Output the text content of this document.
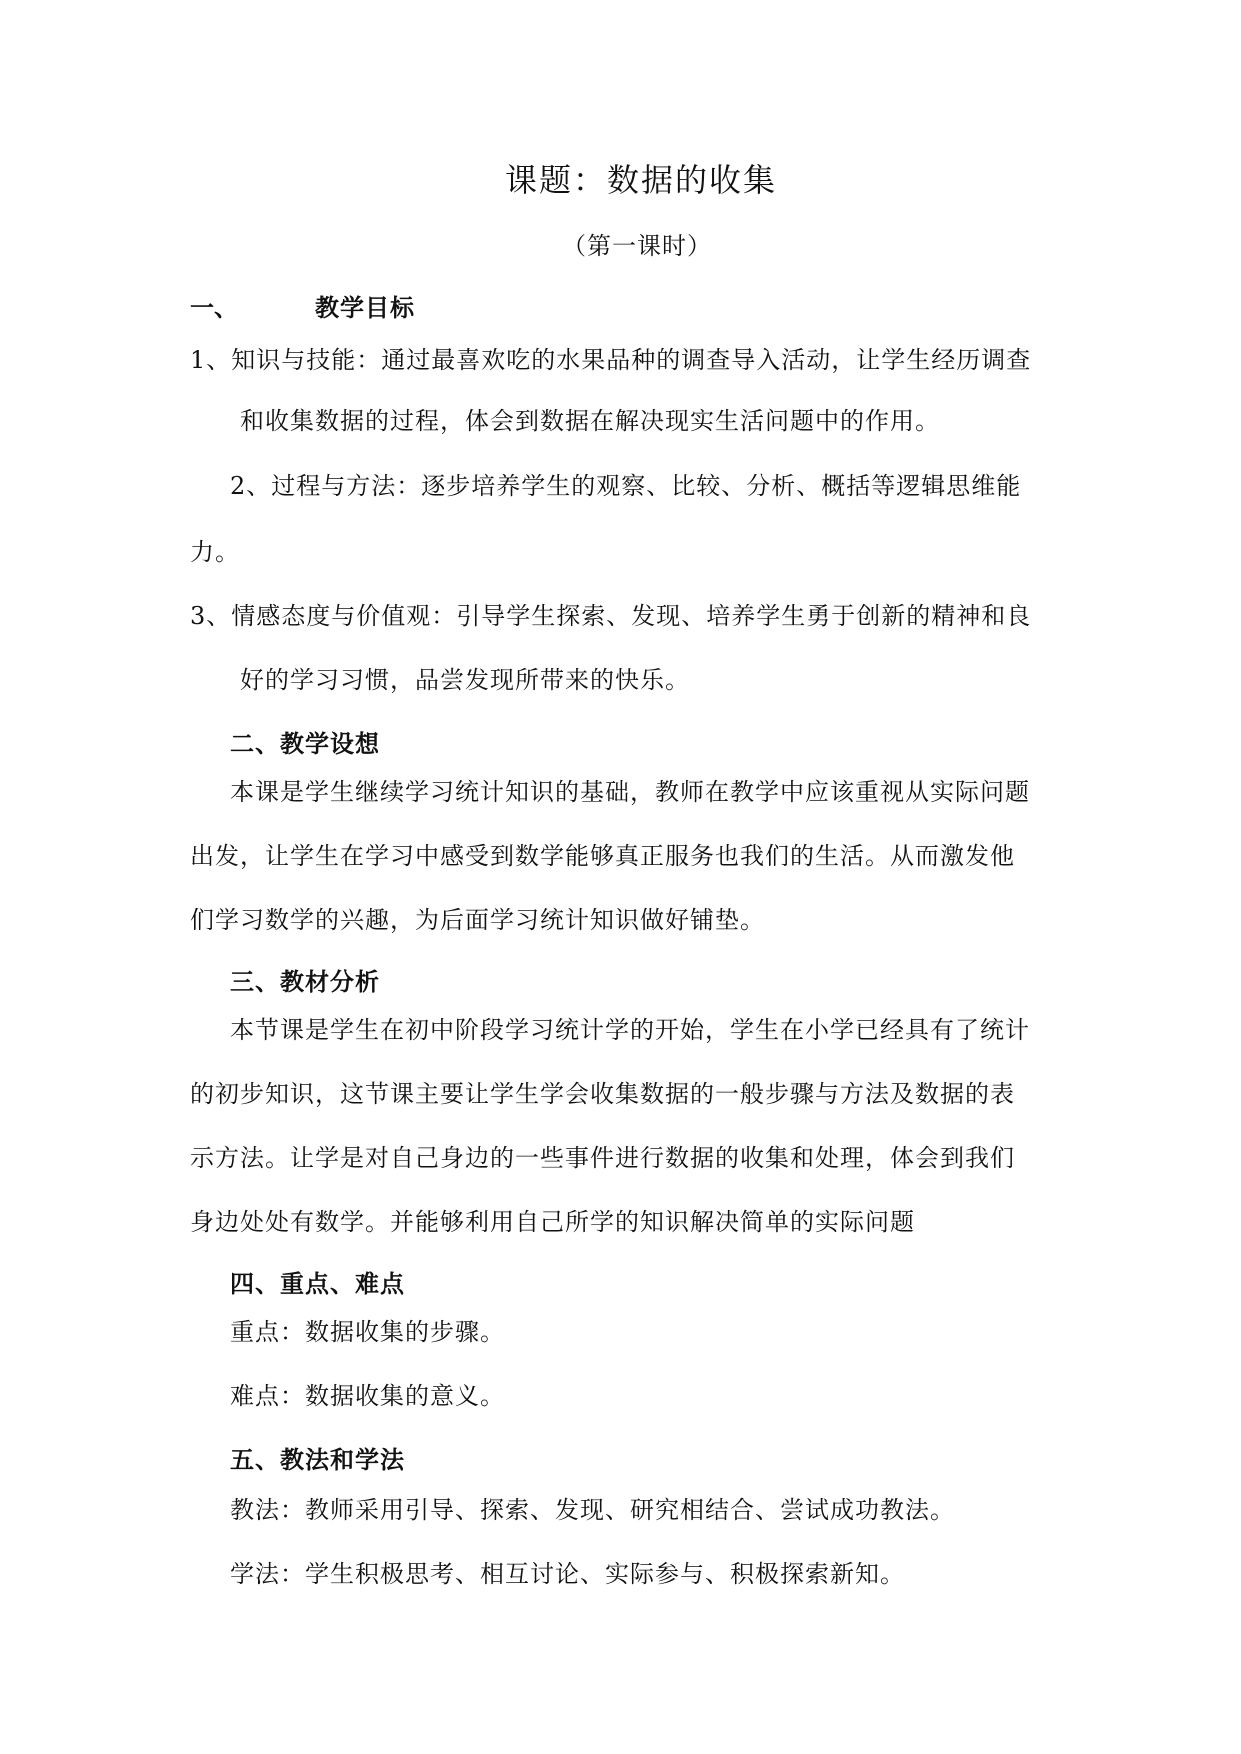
课题：数据的收集
（第一课时）
一、	教学目标
1、知识与技能：通过最喜欢吃的水果品种的调查导入活动，让学生经历调查
和收集数据的过程，体会到数据在解决现实生活问题中的作用。
2、过程与方法：逐步培养学生的观察、比较、分析、概括等逻辑思维能
力。
3、情感态度与价值观：引导学生探索、发现、培养学生勇于创新的精神和良
好的学习习惯，品尝发现所带来的快乐。
二、教学设想
本课是学生继续学习统计知识的基础，教师在教学中应该重视从实际问题
出发，让学生在学习中感受到数学能够真正服务也我们的生活。从而激发他
们学习数学的兴趣，为后面学习统计知识做好铺垫。
三、教材分析
本节课是学生在初中阶段学习统计学的开始，学生在小学已经具有了统计
的初步知识，这节课主要让学生学会收集数据的一般步骤与方法及数据的表
示方法。让学是对自己身边的一些事件进行数据的收集和处理，体会到我们
身边处处有数学。并能够利用自己所学的知识解决简单的实际问题
四、重点、难点
重点：数据收集的步骤。
难点：数据收集的意义。
五、教法和学法
教法：教师采用引导、探索、发现、研究相结合、尝试成功教法。
学法：学生积极思考、相互讨论、实际参与、积极探索新知。
